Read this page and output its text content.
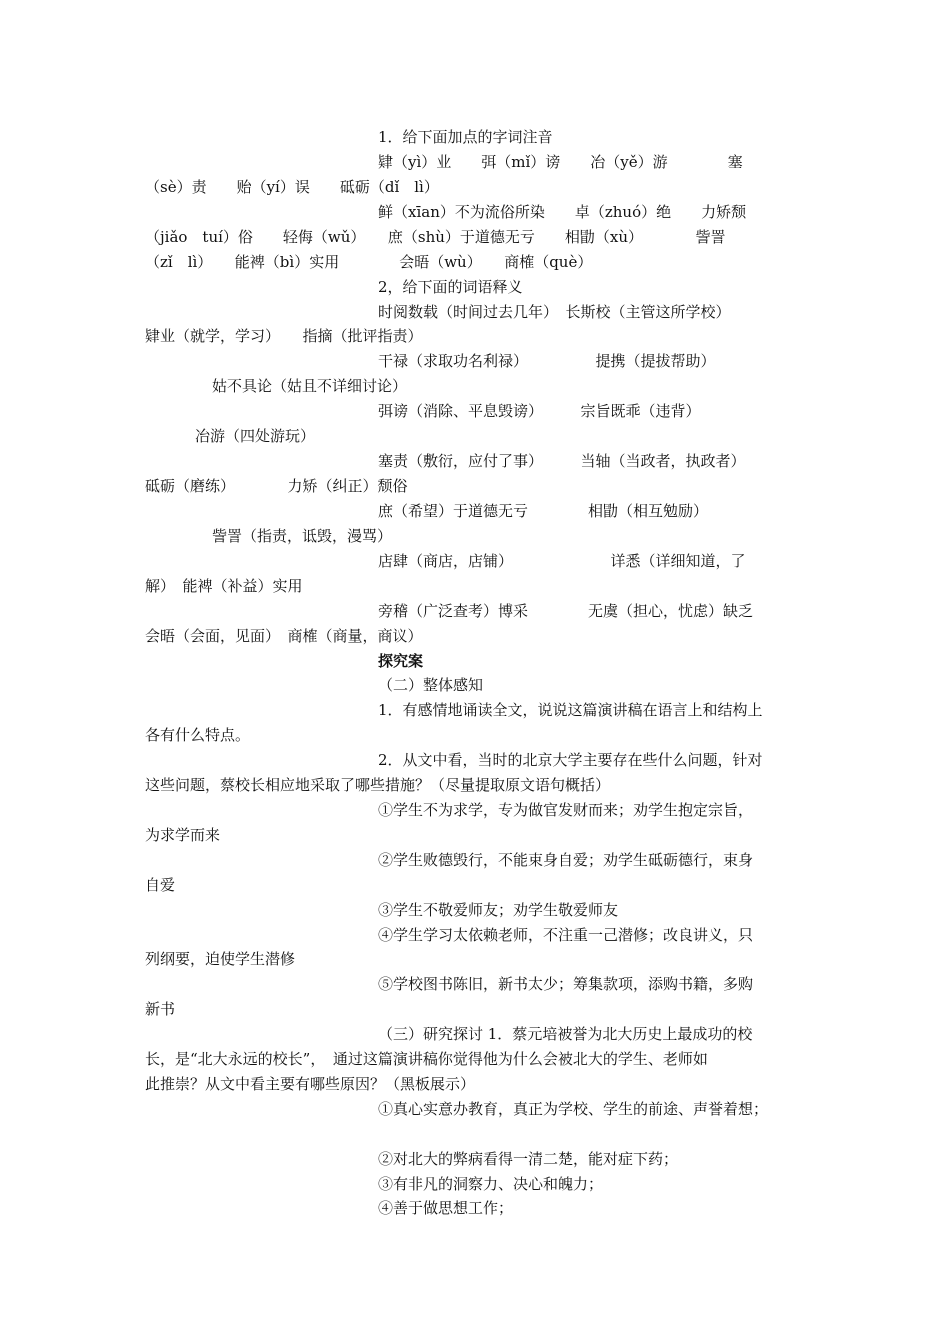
1．给下面加点的字词注音
肄（yì）业　　弭（mǐ）谤　　冶（yě）游　　　　塞
（sè）责　　贻（yí）误　　砥砺（dǐ　lì）
鲜（xīan）不为流俗所染　　卓（zhuó）绝　　力矫颓
（jiǎo　tuí）俗　　轻侮（wǔ）　　庶（shù）于道德无亏　　相勖（xù）　　　　訾詈
（zǐ　lì）　　能裨（bì）实用　　　　会晤（wù）　　商榷（què）
2，给下面的词语释义
时阅数载（时间过去几年）　长斯校（主管这所学校）
肄业（就学，学习）　　指摘（批评指责）
干禄（求取功名利禄）　　　　　提携（提拔帮助）
姑不具论（姑且不详细讨论）
弭谤（消除、平息毁谤）　　　宗旨既乖（违背）
冶游（四处游玩）
塞责（敷衍，应付了事）　　　当轴（当政者，执政者）
砥砺（磨练）　　　　力矫（纠正）颓俗
庶（希望）于道德无亏　　　　相勖（相互勉励）
訾詈（指责，诋毁，漫骂）
店肆（商店，店铺）　　　　　　　详悉（详细知道，了
解）　能裨（补益）实用
旁稽（广泛查考）博采　　　　无虞（担心，忧虑）缺乏
会晤（会面，见面）　商榷（商量，商议）
探究案
（二）整体感知
1．有感情地诵读全文，说说这篇演讲稿在语言上和结构上
各有什么特点。
2．从文中看，当时的北京大学主要存在些什么问题，针对
这些问题，蔡校长相应地采取了哪些措施？（尽量提取原文语句概括）
①学生不为求学，专为做官发财而来；劝学生抱定宗旨，
为求学而来
②学生败德毁行，不能束身自爱；劝学生砥砺德行，束身
自爱
③学生不敬爱师友；劝学生敬爱师友
④学生学习太依赖老师，不注重一己潜修；改良讲义，只
列纲要，迫使学生潜修
⑤学校图书陈旧，新书太少；筹集款项，添购书籍，多购
新书
（三）研究探讨 1．蔡元培被誉为北大历史上最成功的校
长，是“北大永远的校长”，　通过这篇演讲稿你觉得他为什么会被北大的学生、老师如
此推崇？从文中看主要有哪些原因？（黑板展示）
①真心实意办教育，真正为学校、学生的前途、声誉着想；
②对北大的弊病看得一清二楚，能对症下药；
③有非凡的洞察力、决心和魄力；
④善于做思想工作；
